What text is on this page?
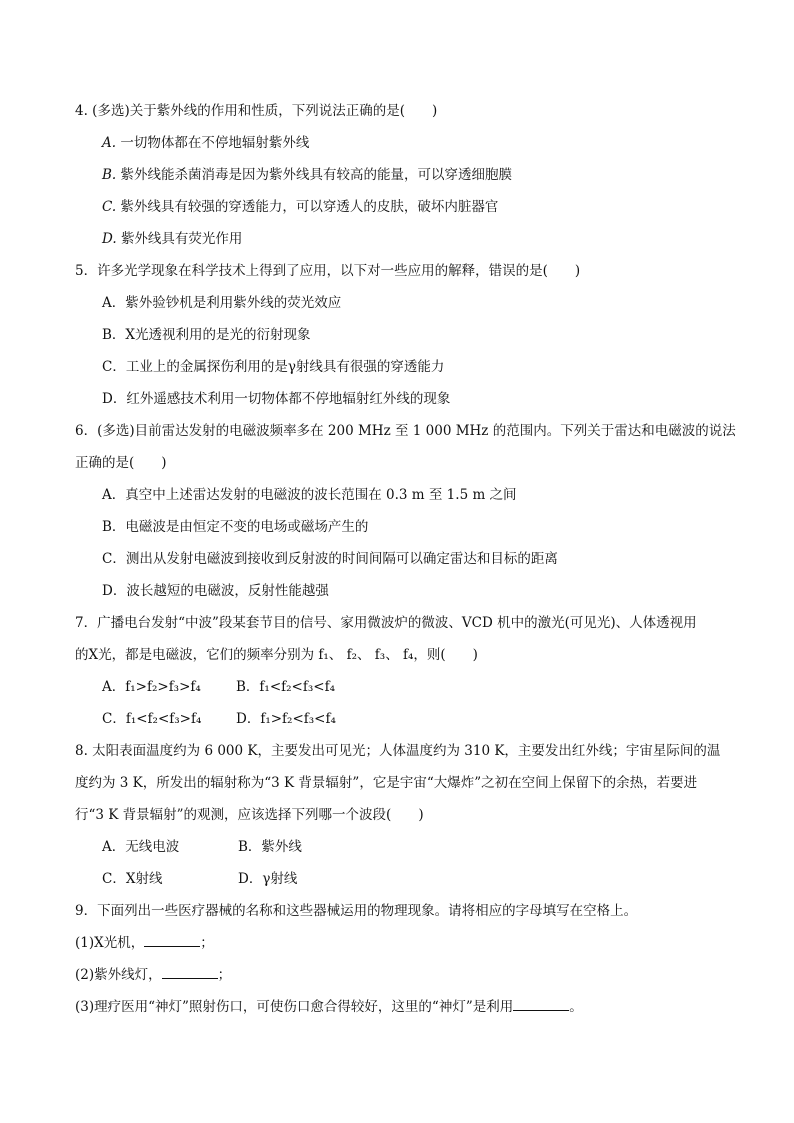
4. (多选)关于紫外线的作用和性质，下列说法正确的是(　　)
A. 一切物体都在不停地辐射紫外线
B. 紫外线能杀菌消毒是因为紫外线具有较高的能量，可以穿透细胞膜
C. 紫外线具有较强的穿透能力，可以穿透人的皮肤，破坏内脏器官
D. 紫外线具有荧光作用
5．许多光学现象在科学技术上得到了应用，以下对一些应用的解释，错误的是(　　)
A．紫外验钞机是利用紫外线的荧光效应
B．X光透视利用的是光的衍射现象
C．工业上的金属探伤利用的是γ射线具有很强的穿透能力
D．红外遥感技术利用一切物体都不停地辐射红外线的现象
6．(多选)目前雷达发射的电磁波频率多在 200 MHz 至 1 000 MHz 的范围内。下列关于雷达和电磁波的说法
正确的是(　　)
A．真空中上述雷达发射的电磁波的波长范围在 0.3 m 至 1.5 m 之间
B．电磁波是由恒定不变的电场或磁场产生的
C．测出从发射电磁波到接收到反射波的时间间隔可以确定雷达和目标的距离
D．波长越短的电磁波，反射性能越强
7．广播电台发射“中波”段某套节目的信号、家用微波炉的微波、VCD 机中的激光(可见光)、人体透视用
的X光，都是电磁波，它们的频率分别为 f₁、 f₂、 f₃、 f₄，则(　　)
A．f₁>f₂>f₃>f₄	B．f₁<f₂<f₃<f₄
C．f₁<f₂<f₃>f₄	D．f₁>f₂<f₃<f₄
8. 太阳表面温度约为 6 000 K，主要发出可见光；人体温度约为 310 K，主要发出红外线；宇宙星际间的温
度约为 3 K，所发出的辐射称为“3 K 背景辐射”，它是宇宙“大爆炸”之初在空间上保留下的余热，若要进
行“3 K 背景辐射”的观测，应该选择下列哪一个波段(　　)
A．无线电波	B．紫外线
C．X射线	D．γ射线
9．下面列出一些医疗器械的名称和这些器械运用的物理现象。请将相应的字母填写在空格上。
(1)X光机，	；
(2)紫外线灯，	；
(3)理疗医用“神灯”照射伤口，可使伤口愈合得较好，这里的“神灯”是利用	。
